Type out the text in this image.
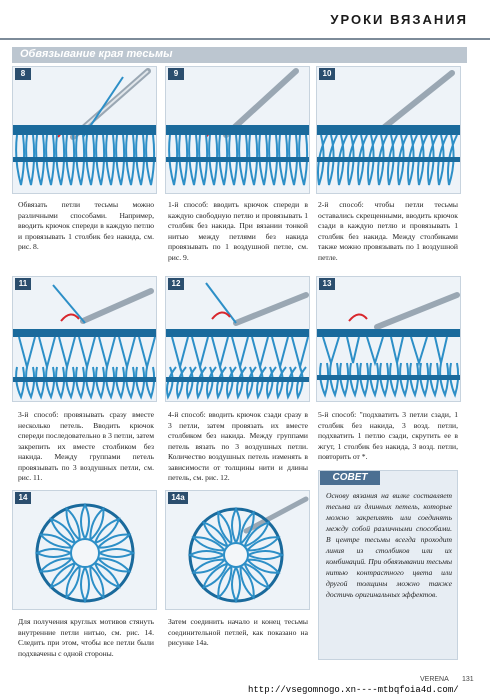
УРОКИ ВЯЗАНИЯ
Обвязывание края тесьмы
8	9	10
Обвязать петли тесьмы можно различными способами. Например, вводить крючок спереди в каждую петлю и провязывать 1 столбик без накида, см. рис. 8.
1-й способ: вводить крючок спереди в каждую свободную петлю и провязывать 1 столбик без накида. При вязании тонкой нитью между петлями без накида провязывать по 1 воздушной петле, см. рис. 9.
2-й способ: чтобы петли тесьмы оставались скрещенными, вводить крючок сзади в каждую петлю и провязывать 1 столбик без накида. Между столбиками также можно провязывать по 1 воздушной петле.
11	12	13
3-й способ: провязывать сразу вместе несколько петель. Вводить крючок спереди последовательно в 3 петли, затем закрепить их вместе столбиком без накида. Между группами петель провязывать по 3 воздушных петли, см. рис. 11.
4-й способ: вводить крючок сзади сразу в 3 петли, затем провязать их вместе столбиком без накида. Между группами петель вязать по 3 воздушных петли. Количество воздушных петель изменять в зависимости от толщины нити и длины петель, см. рис. 12.
5-й способ: "подхватить 3 петли сзади, 1 столбик без накида, 3 возд. петли, подхватить 1 петлю сзади, скрутить ее в жгут, 1 столбик без накида, 3 возд. петли, повторить от *.
14	14а
Для получения круглых мотивов стянуть внутренние петли нитью, см. рис. 14. Следить при этом, чтобы все петли были подхвачены с одной стороны.
Затем соединить начало и конец тесьмы соединительной петлей, как показано на рисунке 14а.
СОВЕТ
Основу вязания на вилке составляет тесьма из длинных петель, которые можно закреплять или соединять между собой различными способами. В центре тесьмы всегда проходит линия из столбиков или их комбинаций. При обвязывании тесьмы нитью контрастного цвета или другой толщины можно также достичь оригинальных эффектов.
VERENA 131
http://vsegomnogo.xn----mtbqfoia4d.com/
